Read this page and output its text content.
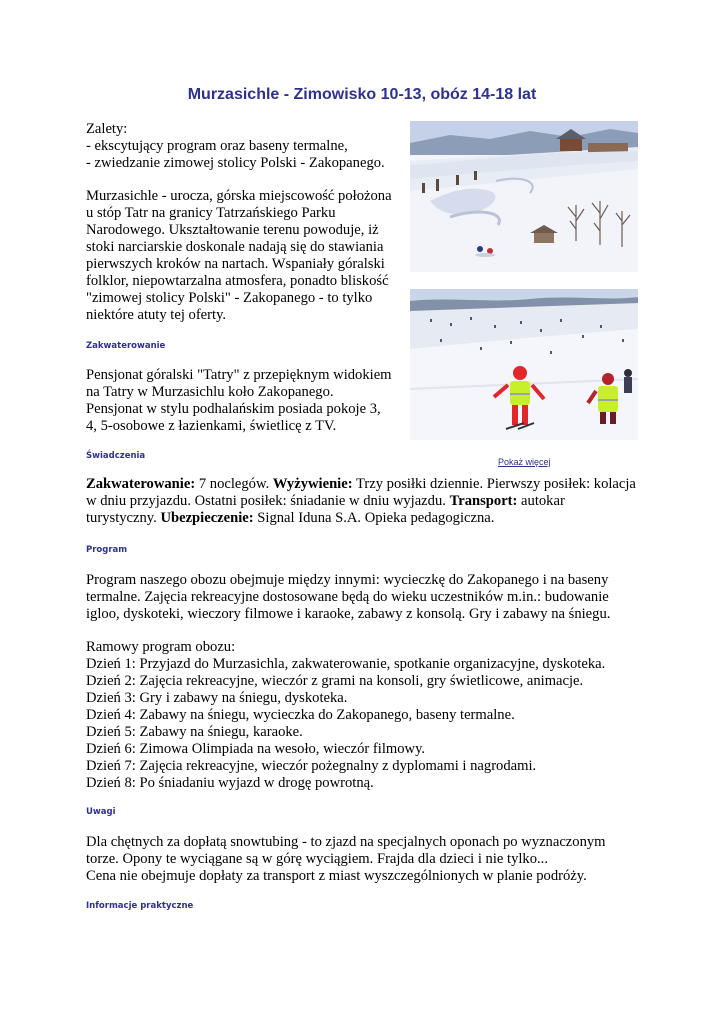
Murzasichle - Zimowisko 10-13, obóz 14-18 lat

Zalety:

- ekscytujący program oraz baseny termalne,

- zwiedzanie zimowej stolicy Polski - Zakopanego.

Murzasichle - urocza, górska miejscowość położona

u stóp Tatr na granicy Tatrzańskiego Parku

Narodowego. Ukształtowanie terenu powoduje, iż

stoki narciarskie doskonale nadają się do stawiania

pierwszych kroków na nartach. Wspaniały góralski

folklor, niepowtarzalna atmosfera, ponadto bliskość

"zimowej stolicy Polski" - Zakopanego - to tylko

niektóre atuty tej oferty.

Zakwaterowanie

Pensjonat góralski "Tatry" z przepięknym widokiem

na Tatry w Murzasichlu koło Zakopanego.

Pensjonat w stylu podhalańskim posiada pokoje 3,

4, 5-osobowe z łazienkami, świetlicę z TV.

Świadczenia
Pokaż więcej

Zakwaterowanie: 7 noclegów. Wyżywienie: Trzy posiłki dziennie. Pierwszy posiłek: kolacja w dniu przyjazdu. Ostatni posiłek: śniadanie w dniu wyjazdu. Transport: autokar turystyczny. Ubezpieczenie: Signal Iduna S.A. Opieka pedagogiczna.

Program

Program naszego obozu obejmuje między innymi: wycieczkę do Zakopanego i na baseny termalne. Zajęcia rekreacyjne dostosowane będą do wieku uczestników m.in.: budowanie igloo, dyskoteki, wieczory filmowe i karaoke, zabawy z konsolą. Gry i zabawy na śniegu.

Ramowy program obozu:

Dzień 1: Przyjazd do Murzasichla, zakwaterowanie, spotkanie organizacyjne, dyskoteka.

Dzień 2: Zajęcia rekreacyjne, wieczór z grami na konsoli, gry świetlicowe, animacje.

Dzień 3: Gry i zabawy na śniegu, dyskoteka.

Dzień 4: Zabawy na śniegu, wycieczka do Zakopanego, baseny termalne.

Dzień 5: Zabawy na śniegu, karaoke.

Dzień 6: Zimowa Olimpiada na wesoło, wieczór filmowy.

Dzień 7: Zajęcia rekreacyjne, wieczór pożegnalny z dyplomami i nagrodami.

Dzień 8: Po śniadaniu wyjazd w drogę powrotną.

Uwagi

Dla chętnych za dopłatą snowtubing - to zjazd na specjalnych oponach po wyznaczonym torze. Opony te wyciągane są w górę wyciągiem. Frajda dla dzieci i nie tylko...

Cena nie obejmuje dopłaty za transport z miast wyszczególnionych w planie podróży.

Informacje praktyczne
